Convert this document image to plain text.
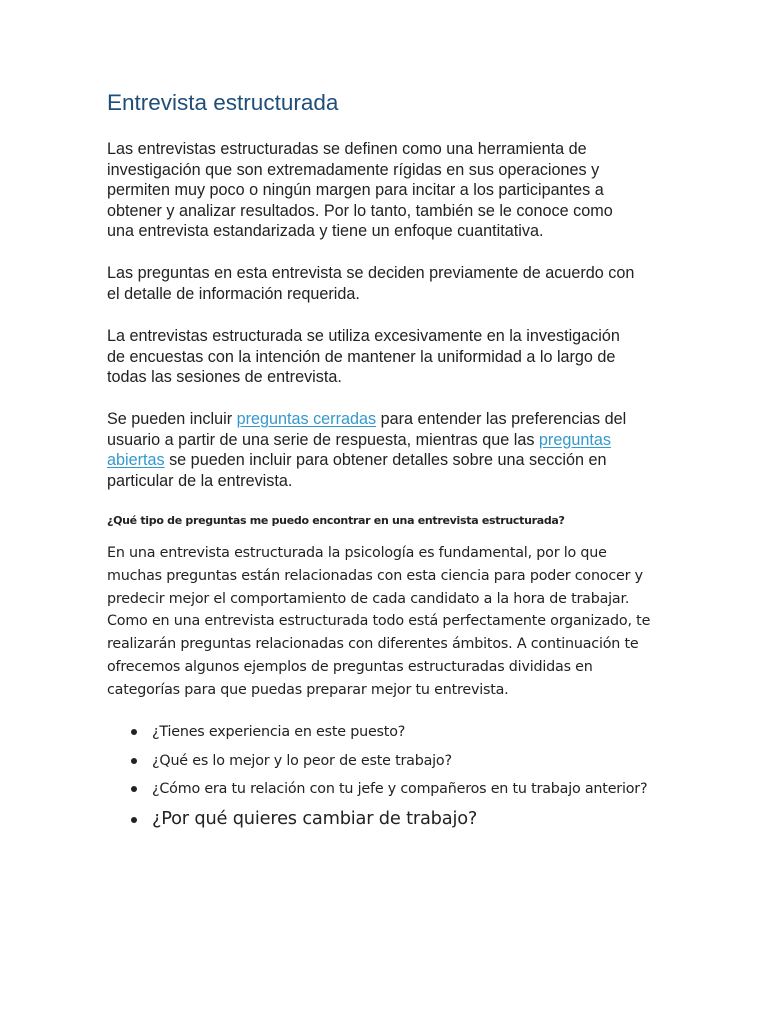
Entrevista estructurada

Las entrevistas estructuradas se definen como una herramienta de
investigación que son extremadamente rígidas en sus operaciones y
permiten muy poco o ningún margen para incitar a los participantes a
obtener y analizar resultados. Por lo tanto, también se le conoce como
una entrevista estandarizada y tiene un enfoque cuantitativa.

Las preguntas en esta entrevista se deciden previamente de acuerdo con
el detalle de información requerida.

La entrevistas estructurada se utiliza excesivamente en la investigación
de encuestas con la intención de mantener la uniformidad a lo largo de
todas las sesiones de entrevista.

Se pueden incluir preguntas cerradas para entender las preferencias del
usuario a partir de una serie de respuesta, mientras que las preguntas
abiertas se pueden incluir para obtener detalles sobre una sección en
particular de la entrevista.

¿Qué tipo de preguntas me puedo encontrar en una entrevista estructurada?

En una entrevista estructurada la psicología es fundamental, por lo que
muchas preguntas están relacionadas con esta ciencia para poder conocer y
predecir mejor el comportamiento de cada candidato a la hora de trabajar.
Como en una entrevista estructurada todo está perfectamente organizado, te
realizarán preguntas relacionadas con diferentes ámbitos. A continuación te
ofrecemos algunos ejemplos de preguntas estructuradas divididas en
categorías para que puedas preparar mejor tu entrevista.

¿Tienes experiencia en este puesto?
¿Qué es lo mejor y lo peor de este trabajo?
¿Cómo era tu relación con tu jefe y compañeros en tu trabajo anterior?
¿Por qué quieres cambiar de trabajo?
